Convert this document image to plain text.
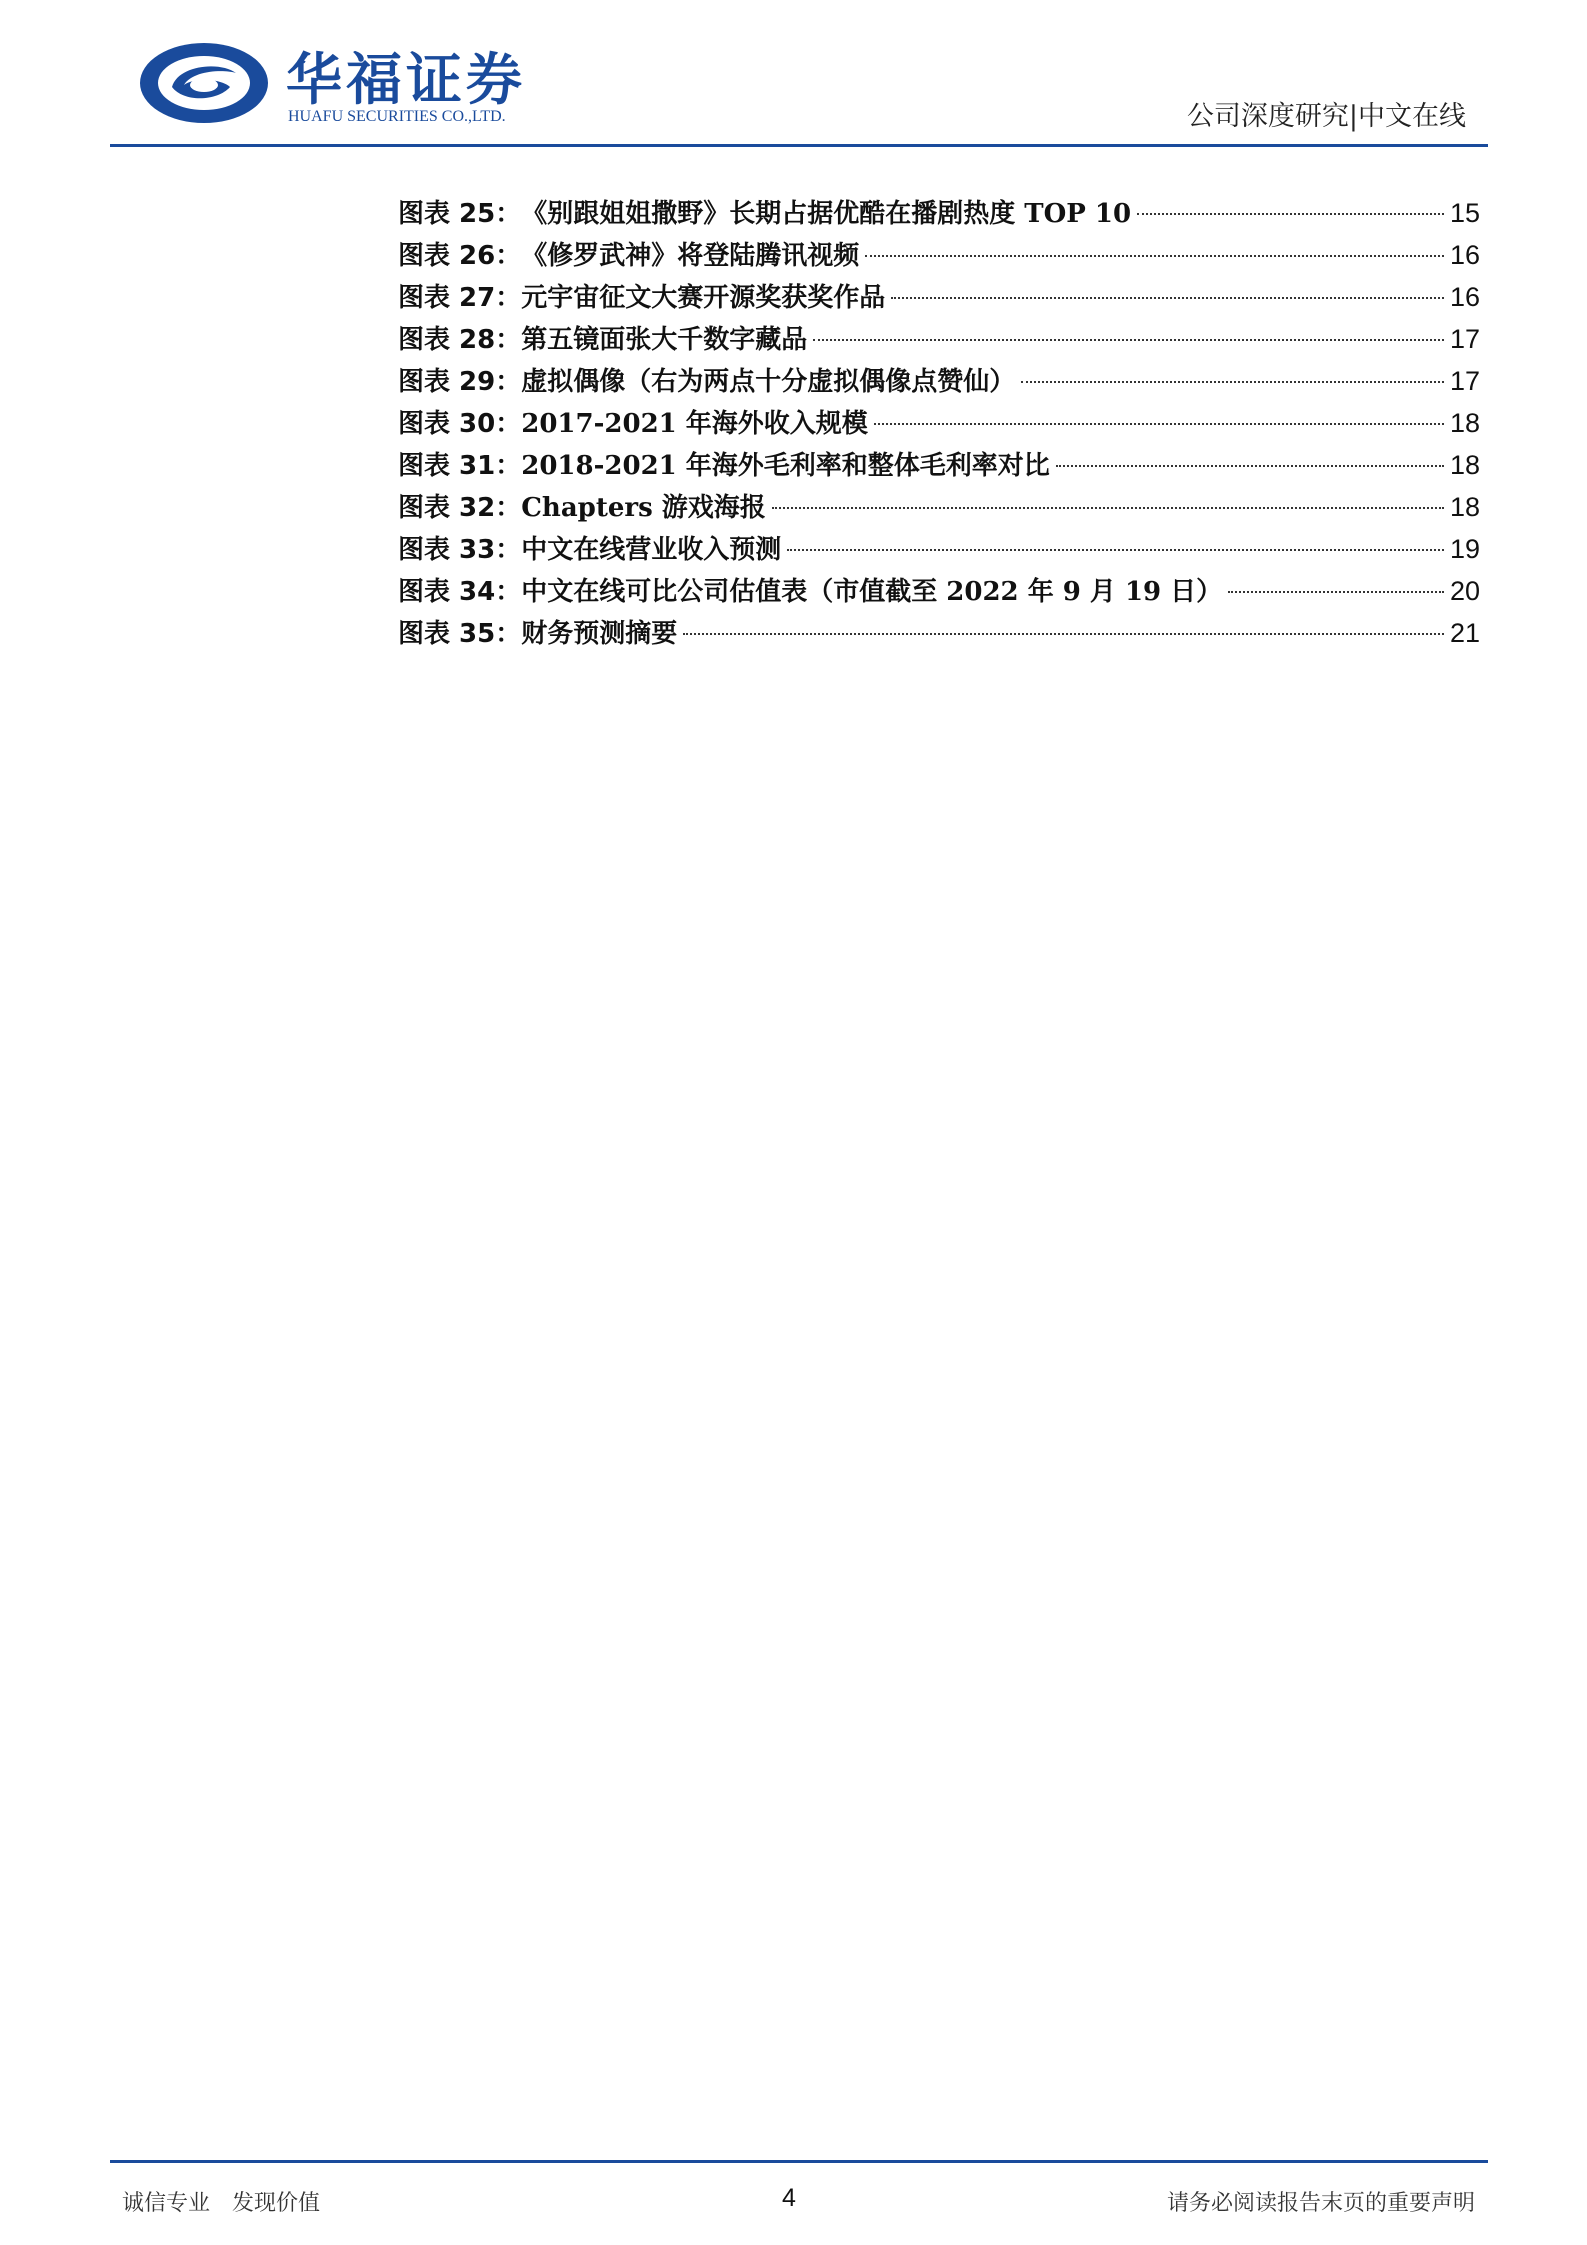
华福证券
HUAFU SECURITIES CO.,LTD.	公司深度研究|中文在线
图表 25： 《别跟姐姐撒野》长期占据优酷在播剧热度 TOP 10	15
图表 26： 《修罗武神》将登陆腾讯视频	16
图表 27： 元宇宙征文大赛开源奖获奖作品	16
图表 28： 第五镜面张大千数字藏品	17
图表 29： 虚拟偶像（右为两点十分虚拟偶像点赞仙）	17
图表 30： 2017-2021 年海外收入规模	18
图表 31： 2018-2021 年海外毛利率和整体毛利率对比	18
图表 32： Chapters 游戏海报	18
图表 33： 中文在线营业收入预测	19
图表 34： 中文在线可比公司估值表（市值截至 2022 年 9 月 19 日）	20
图表 35： 财务预测摘要	21
诚信专业　发现价值	4	请务必阅读报告末页的重要声明
